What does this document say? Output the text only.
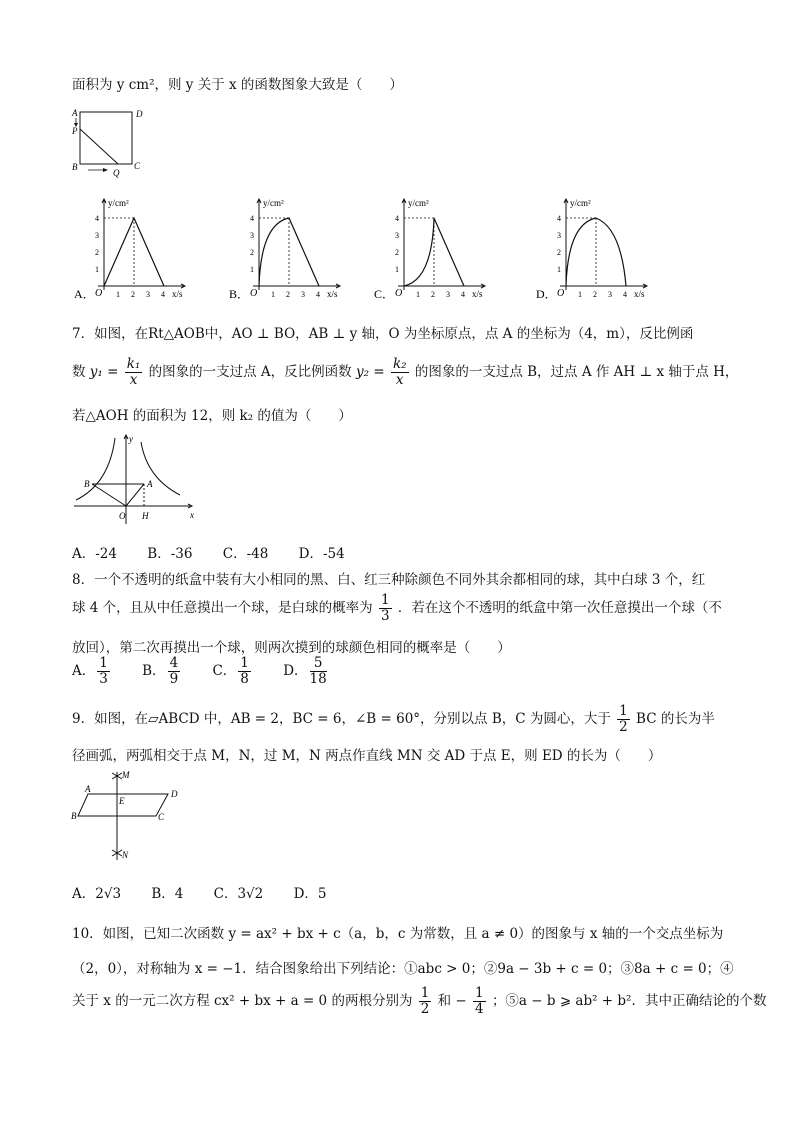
面积为 y cm²，则 y 关于 x 的函数图象大致是（　　）
A	D
P
B	C
Q
A．	1 2 3 4
1
2
3
4
O
y/cm²
x/s	B．	1 2 3 4
1
2
3
4
O
y/cm²
x/s	C．	1 2 3 4
1
2
3
4
O
y/cm²
x/s	D．	1 2 3 4
1
2
3
4
O
y/cm²
x/s
7．如图，在Rt△AOB中，AO ⊥ BO，AB ⊥ y 轴，O 为坐标原点，点 A 的坐标为（4，m），反比例函
数 $y_1 = \frac{\text{k₁}}{x}$ 的图象的一支过点 A，反比例函数 $y_2 = \frac{\text{k₂}}{x}$ 的图象的一支过点 B，过点 A 作 AH ⊥ x 轴于点 H，
若△AOH 的面积为 12，则 k₂ 的值为（　　）
B	A
O H	x
y
A．-24 B．-36 C．-48 D．-54
8．一个不透明的纸盒中装有大小相同的黑、白、红三种除颜色不同外其余都相同的球，其中白球 3 个，红
球 4 个，且从中任意摸出一个球，是白球的概率为 $\frac{1}{3}$ ．若在这个不透明的纸盒中第一次任意摸出一个球（不
放回），第二次再摸出一个球，则两次摸到的球颜色相同的概率是（　　）
A． $\frac{1}{3}$ B． $\frac{4}{9}$ C． $\frac{1}{8}$ D． $\frac{5}{18}$
9．如图，在▱ABCD 中，AB = 2，BC = 6，∠B = 60°，分别以点 B，C 为圆心，大于 $\frac{1}{2}$ BC 的长为半
径画弧，两弧相交于点 M，N，过 M，N 两点作直线 MN 交 AD 于点 E，则 ED 的长为（　　）
M
N
A	D
B	C
E
A．2√3 B．4 C．3√2 D．5
10．如图，已知二次函数 y = ax² + bx + c（a，b，c 为常数，且 a ≠ 0）的图象与 x 轴的一个交点坐标为
（2，0），对称轴为 x = −1．结合图象给出下列结论：①abc > 0；②9a − 3b + c = 0；③8a + c = 0；④
关于 x 的一元二次方程 cx² + bx + a = 0 的两根分别为 $\frac{1}{2}$ 和 − $\frac{1}{4}$ ；⑤a − b ⩾ ab² + b²．其中正确结论的个数
